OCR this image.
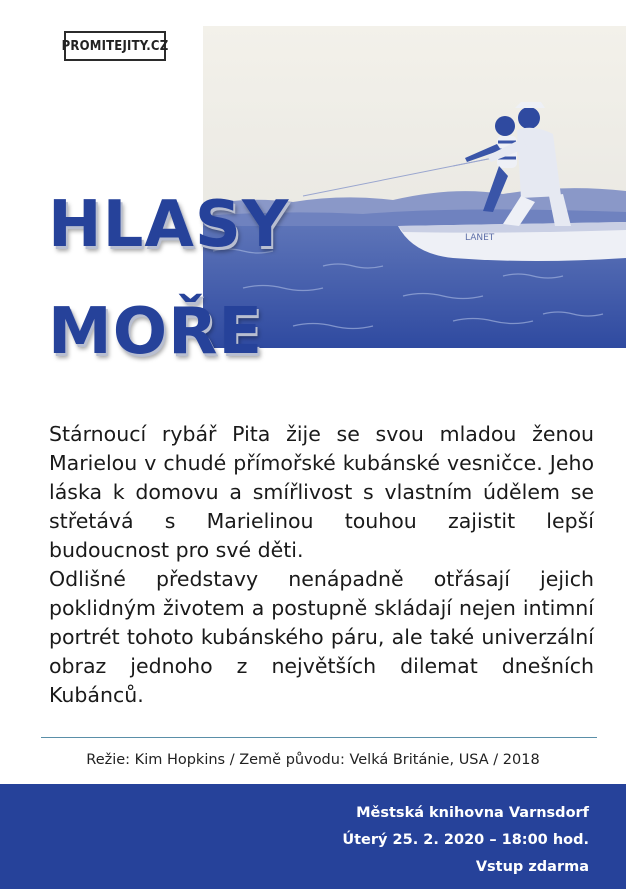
PROMITEJITY.CZ
LANET
HLASY
MOŘE

Stárnoucí rybář Pita žije se svou mladou ženou Marielou v chudé přímořské kubánské vesničce. Jeho láska k domovu a smířlivost s vlastním údělem se střetává s Marielinou touhou zajistit lepší budoucnost pro své děti.

Odlišné představy nenápadně otřásají jejich poklidným životem a postupně skládají nejen intimní portrét tohoto kubánského páru, ale také univerzální obraz jednoho z největších dilemat dnešních Kubánců.

Režie: Kim Hopkins / Země původu: Velká Británie, USA / 2018
Městská knihovna Varnsdorf
Úterý 25. 2. 2020 – 18:00 hod.
Vstup zdarma
